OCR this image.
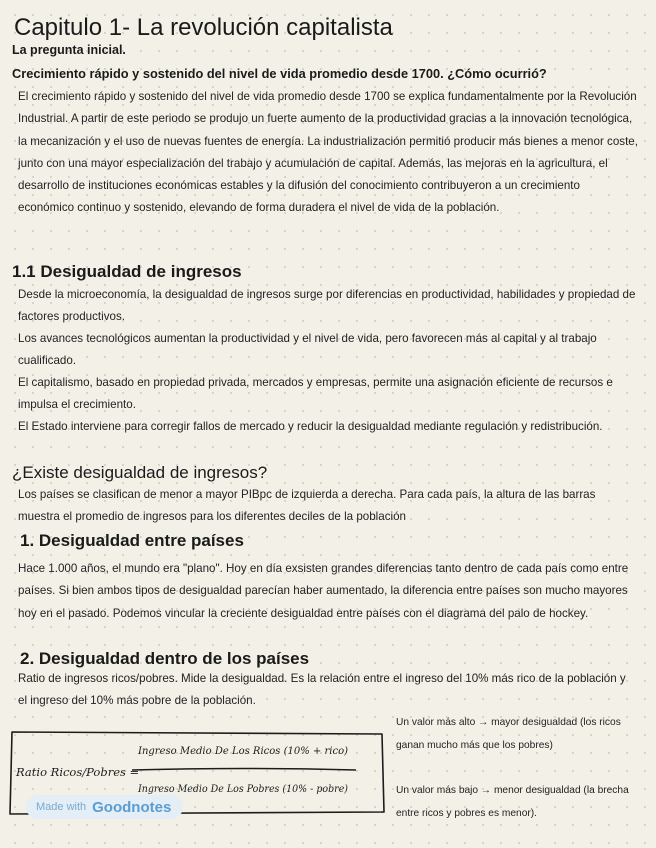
Capitulo 1- La revolución capitalista
La pregunta inicial.
Crecimiento rápido y sostenido del nivel de vida promedio desde 1700. ¿Cómo ocurrió?

El crecimiento rápido y sostenido del nivel de vida promedio desde 1700 se explica fundamentalmente por la Revolución Industrial. A partir de este periodo se produjo un fuerte aumento de la productividad gracias a la innovación tecnológica, la mecanización y el uso de nuevas fuentes de energía. La industrialización permitió producir más bienes a menor coste, junto con una mayor especialización del trabajo y acumulación de capital. Además, las mejoras en la agricultura, el desarrollo de instituciones económicas estables y la difusión del conocimiento contribuyeron a un crecimiento económico continuo y sostenido, elevando de forma duradera el nivel de vida de la población.

1.1 Desigualdad de ingresos

Desde la microeconomía, la desigualdad de ingresos surge por diferencias en productividad, habilidades y propiedad de factores productivos.

Los avances tecnológicos aumentan la productividad y el nivel de vida, pero favorecen más al capital y al trabajo cualificado.

El capitalismo, basado en propiedad privada, mercados y empresas, permite una asignación eficiente de recursos e impulsa el crecimiento.

El Estado interviene para corregir fallos de mercado y reducir la desigualdad mediante regulación y redistribución.

¿Existe desigualdad de ingresos?

Los países se clasifican de menor a mayor PIBpc de izquierda a derecha. Para cada país, la altura de las barras muestra el promedio de ingresos para los diferentes deciles de la población

1. Desigualdad entre países

Hace 1.000 años, el mundo era "plano". Hoy en día exsisten grandes diferencias tanto dentro de cada país como entre países. Si bien ambos tipos de desigualdad parecían haber aumentado, la diferencia entre países son mucho mayores hoy en el pasado. Podemos vincular la creciente desigualdad entre países con el diagrama del palo de hockey.

2. Desigualdad dentro de los países

Ratio de ingresos ricos/pobres. Mide la desigualdad. Es la relación entre el ingreso del 10% más rico de la población y el ingreso del 10% más pobre de la población.

Ratio Ricos/Pobres =
Ingreso Medio De Los Ricos (10% + rico)
Ingreso Medio De Los Pobres (10% - pobre)
Made with Goodnotes

Un valor más alto → mayor desigualdad (los ricos ganan mucho más que los pobres)

Un valor más bajo → menor desigualdad (la brecha entre ricos y pobres es menor).
